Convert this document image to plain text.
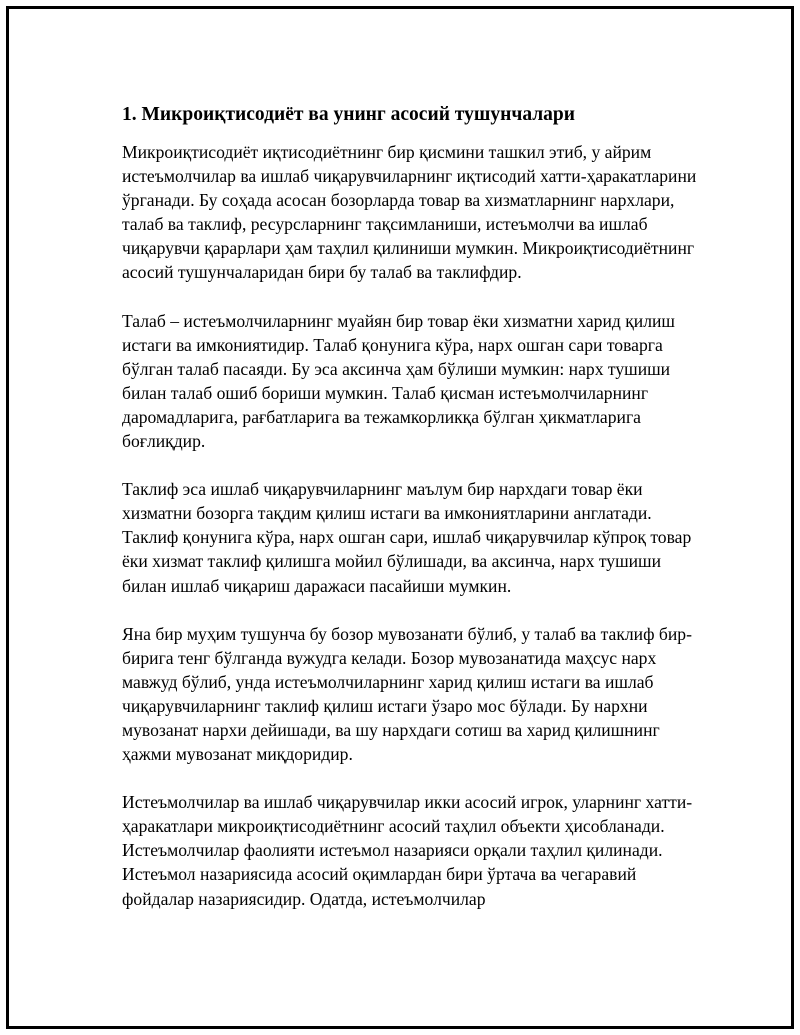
1. Микроиқтисодиёт ва унинг асосий тушунчалари

Микроиқтисодиёт иқтисодиётнинг бир қисмини ташкил этиб, у айрим истеъмолчилар ва ишлаб чиқарувчиларнинг иқтисодий хатти-ҳаракатларини ўрганади. Бу соҳада асосан бозорларда товар ва хизматларнинг нархлари, талаб ва таклиф, ресурсларнинг тақсимланиши, истеъмолчи ва ишлаб чиқарувчи қарарлари ҳам таҳлил қилиниши мумкин. Микроиқтисодиётнинг асосий тушунчаларидан бири бу талаб ва таклифдир.

Талаб – истеъмолчиларнинг муайян бир товар ёки хизматни харид қилиш истаги ва имкониятидир. Талаб қонунига кўра, нарх ошган сари товарга бўлган талаб пасаяди. Бу эса аксинча ҳам бўлиши мумкин: нарх тушиши билан талаб ошиб бориши мумкин. Талаб қисман истеъмолчиларнинг даромадларига, рағбатларига ва тежамкорликқа бўлган ҳикматларига боғлиқдир.

Таклиф эса ишлаб чиқарувчиларнинг маълум бир нархдаги товар ёки хизматни бозорга тақдим қилиш истаги ва имкониятларини англатади. Таклиф қонунига кўра, нарх ошган сари, ишлаб чиқарувчилар кўпроқ товар ёки хизмат таклиф қилишга мойил бўлишади, ва аксинча, нарх тушиши билан ишлаб чиқариш даражаси пасайиши мумкин.

Яна бир муҳим тушунча бу бозор мувозанати бўлиб, у талаб ва таклиф бир-бирига тенг бўлганда вужудга келади. Бозор мувозанатида маҳсус нарх мавжуд бўлиб, унда истеъмолчиларнинг харид қилиш истаги ва ишлаб чиқарувчиларнинг таклиф қилиш истаги ўзаро мос бўлади. Бу нархни мувозанат нархи дейишади, ва шу нархдаги сотиш ва харид қилишнинг ҳажми мувозанат миқдоридир.

Истеъмолчилар ва ишлаб чиқарувчилар икки асосий игрок, уларнинг хатти-ҳаракатлари микроиқтисодиётнинг асосий таҳлил объекти ҳисобланади. Истеъмолчилар фаолияти истеъмол назарияси орқали таҳлил қилинади. Истеъмол назариясида асосий оқимлардан бири ўртача ва чегаравий фойдалар назариясидир. Одатда, истеъмолчилар
